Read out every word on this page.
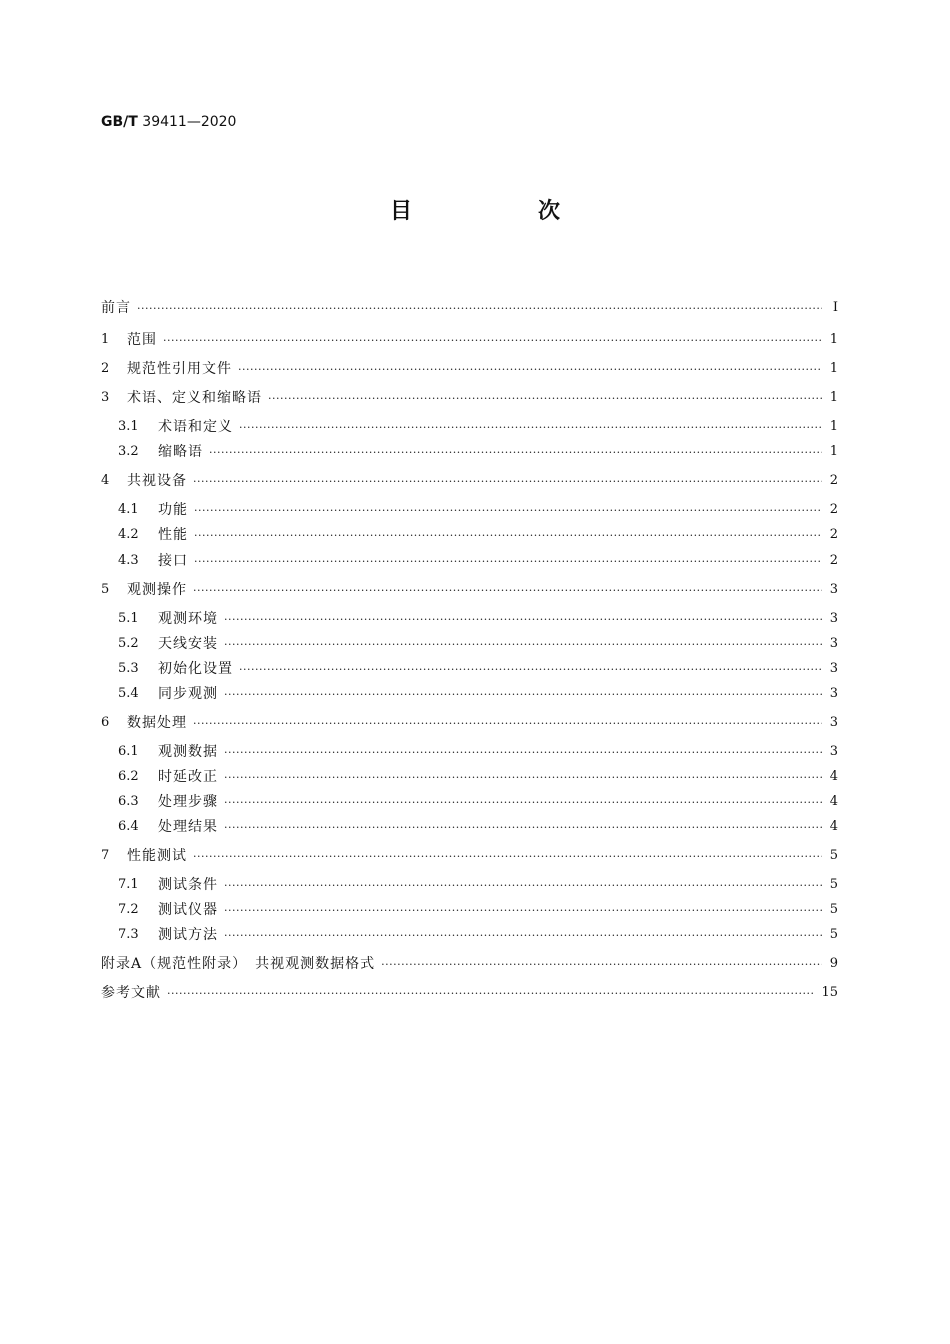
GB/T 39411—2020
目　次
前言 ·····	Ⅰ
1	范围 ·····	1
2	规范性引用文件 ·····	1
3	术语、定义和缩略语 ·····	1
3.1	术语和定义 ·····	1
3.2	缩略语 ·····	1
4	共视设备 ·····	2
4.1	功能 ·····	2
4.2	性能 ·····	2
4.3	接口 ·····	2
5	观测操作 ·····	3
5.1	观测环境 ·····	3
5.2	天线安装 ·····	3
5.3	初始化设置 ·····	3
5.4	同步观测 ·····	3
6	数据处理 ·····	3
6.1	观测数据 ·····	3
6.2	时延改正 ·····	4
6.3	处理步骤 ·····	4
6.4	处理结果 ·····	4
7	性能测试 ·····	5
7.1	测试条件 ·····	5
7.2	测试仪器 ·····	5
7.3	测试方法 ·····	5
附录A（规范性附录）　共视观测数据格式 ·····	9
参考文献 ·····	15
